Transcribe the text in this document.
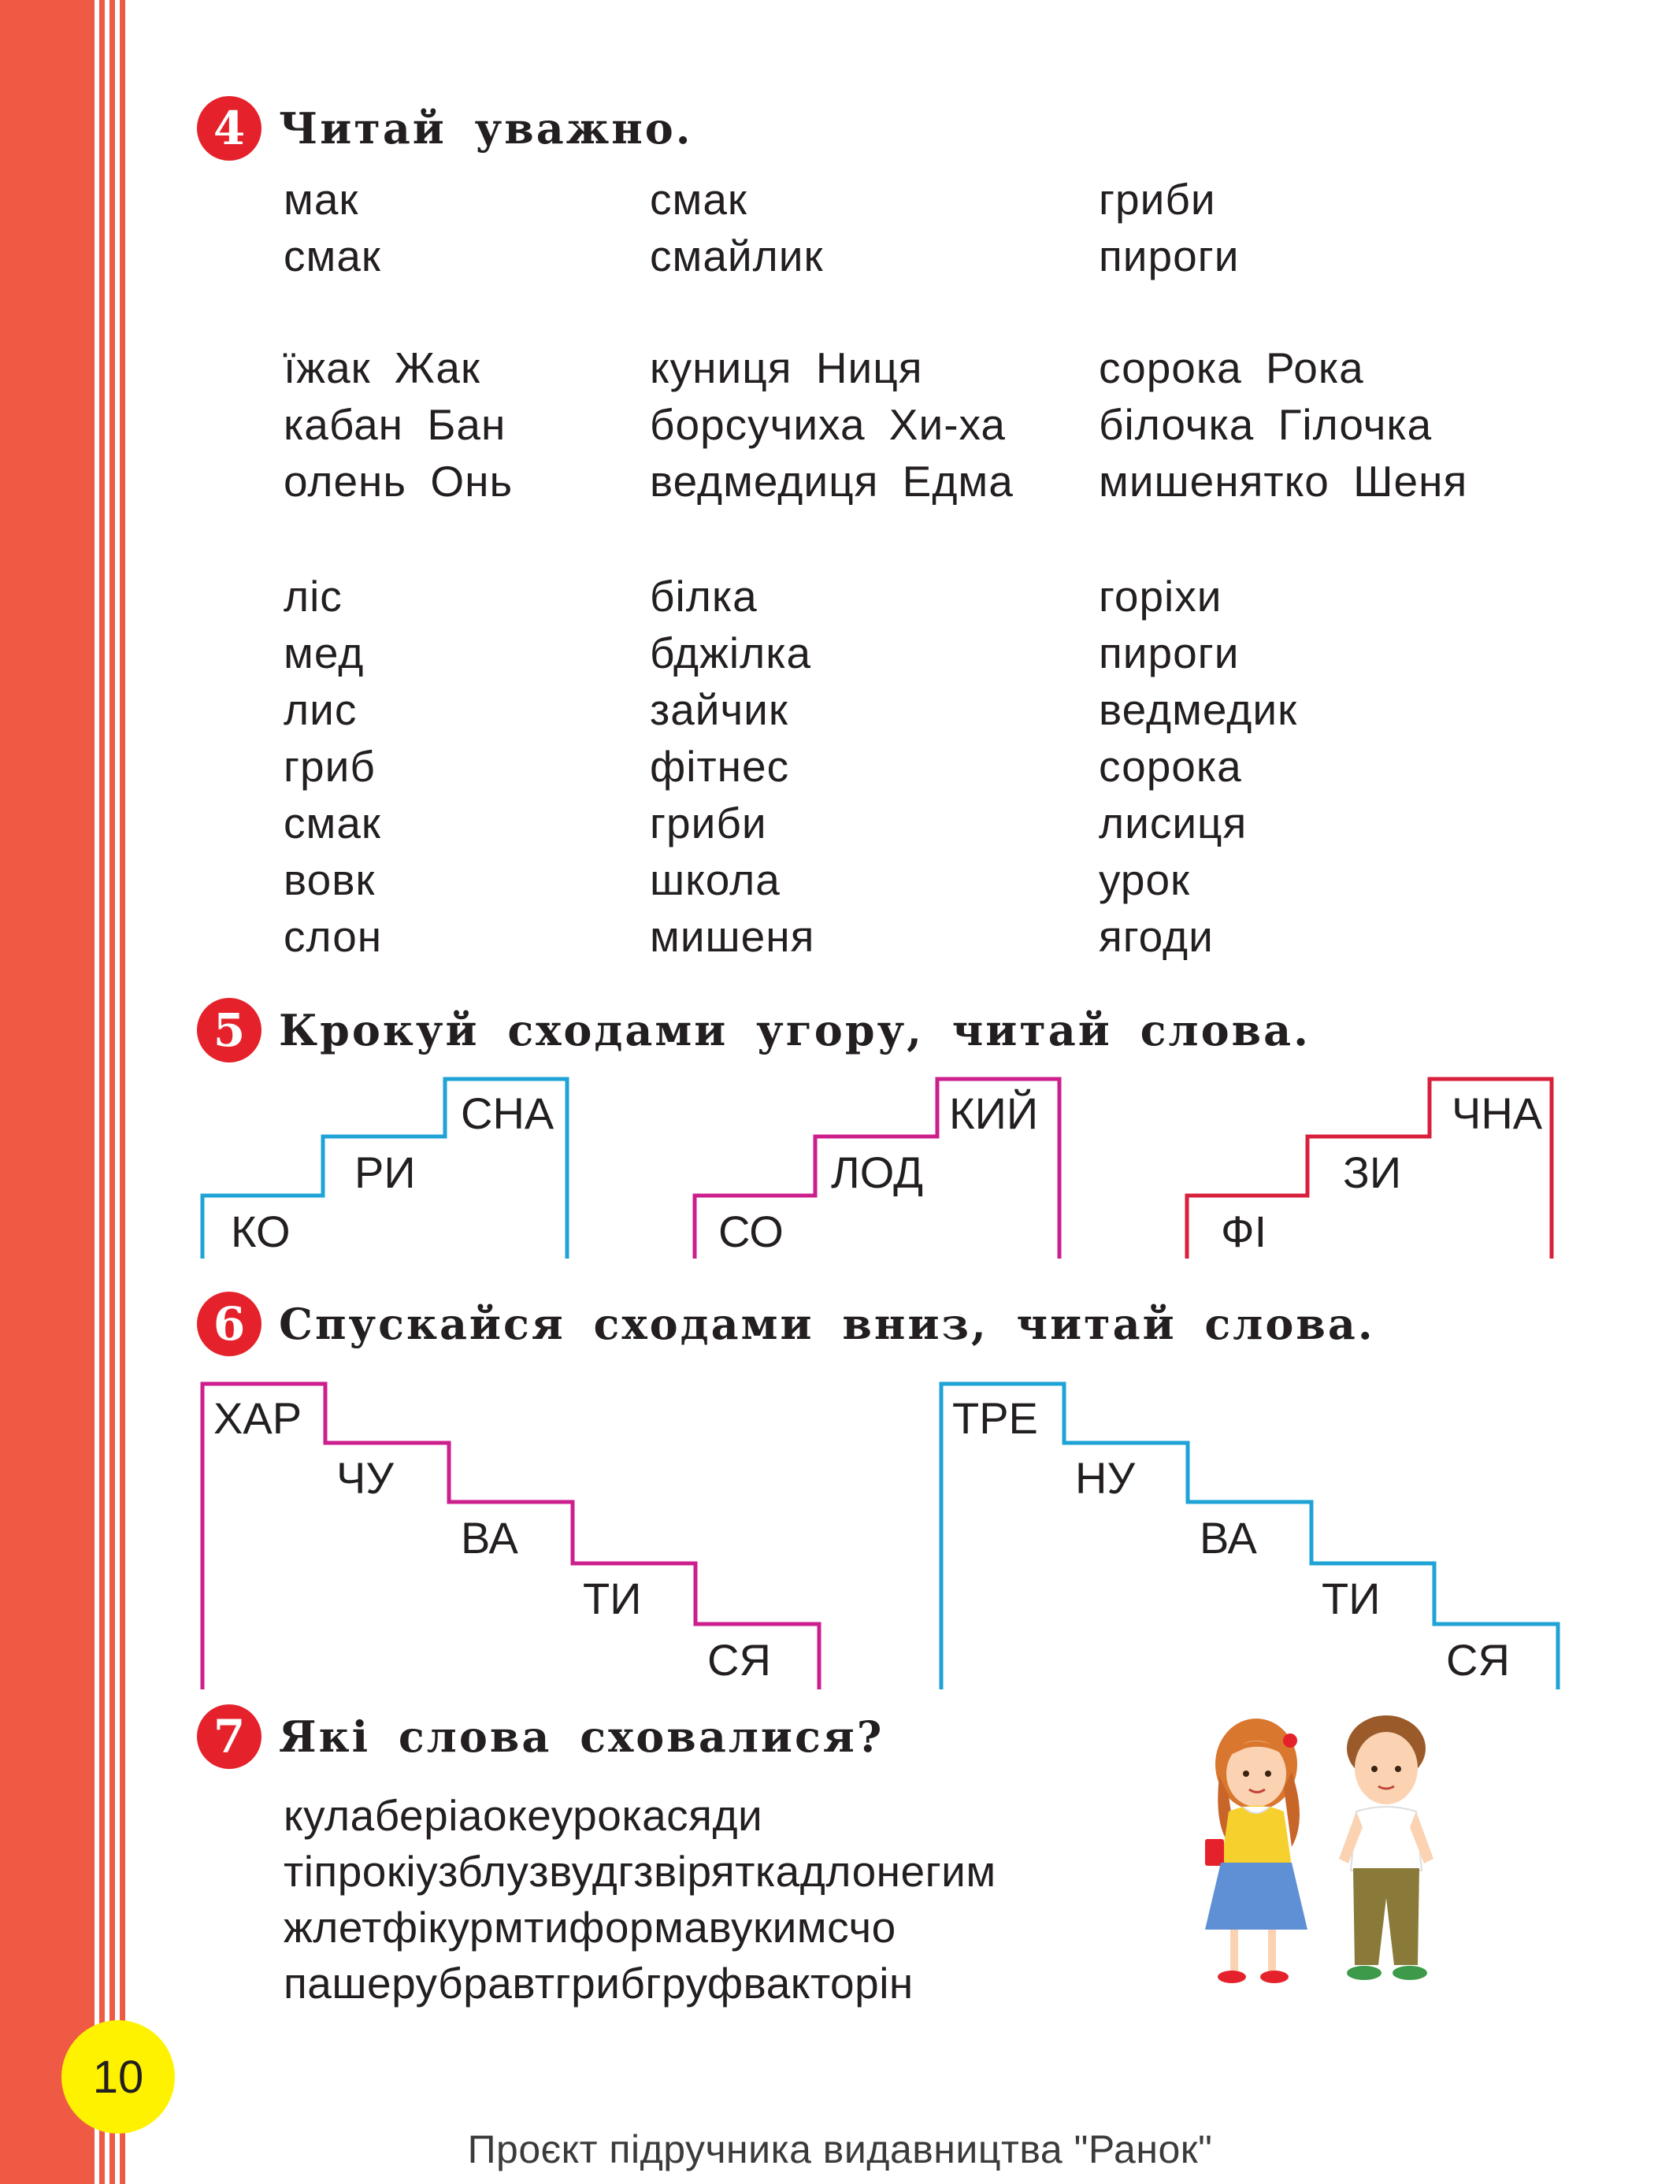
4 Читай уважно.
мак
смак
смак
смайлик
гриби
пироги
їжак Жак
кабан Бан
олень Онь
куниця Ниця
борсучиха Хи-ха
ведмедиця Едма
сорока Рока
білочка Гілочка
мишенятко Шеня
ліс
мед
лис
гриб
смак
вовк
слон
білка
бджілка
зайчик
фітнес
гриби
школа
мишеня
горіхи
пироги
ведмедик
сорока
лисиця
урок
ягоди
5 Крокуй сходами угору, читай слова.
КО
РИ
СНА
СО
ЛОД
КИЙ
ФІ
ЗИ
ЧНА
6 Спускайся сходами вниз, читай слова.
ХАР
ЧУ
ВА
ТИ
СЯ
ТРЕ
НУ
ВА
ТИ
СЯ
7 Які слова сховалися?
кулаберіаокеурокасяди
тіпрокіузблузвудгзвіряткадлонегим
жлетфікурмтиформавукимсчо
пашерубравтгрибгруфвакторін
10
Проєкт підручника видавництва "Ранок"
